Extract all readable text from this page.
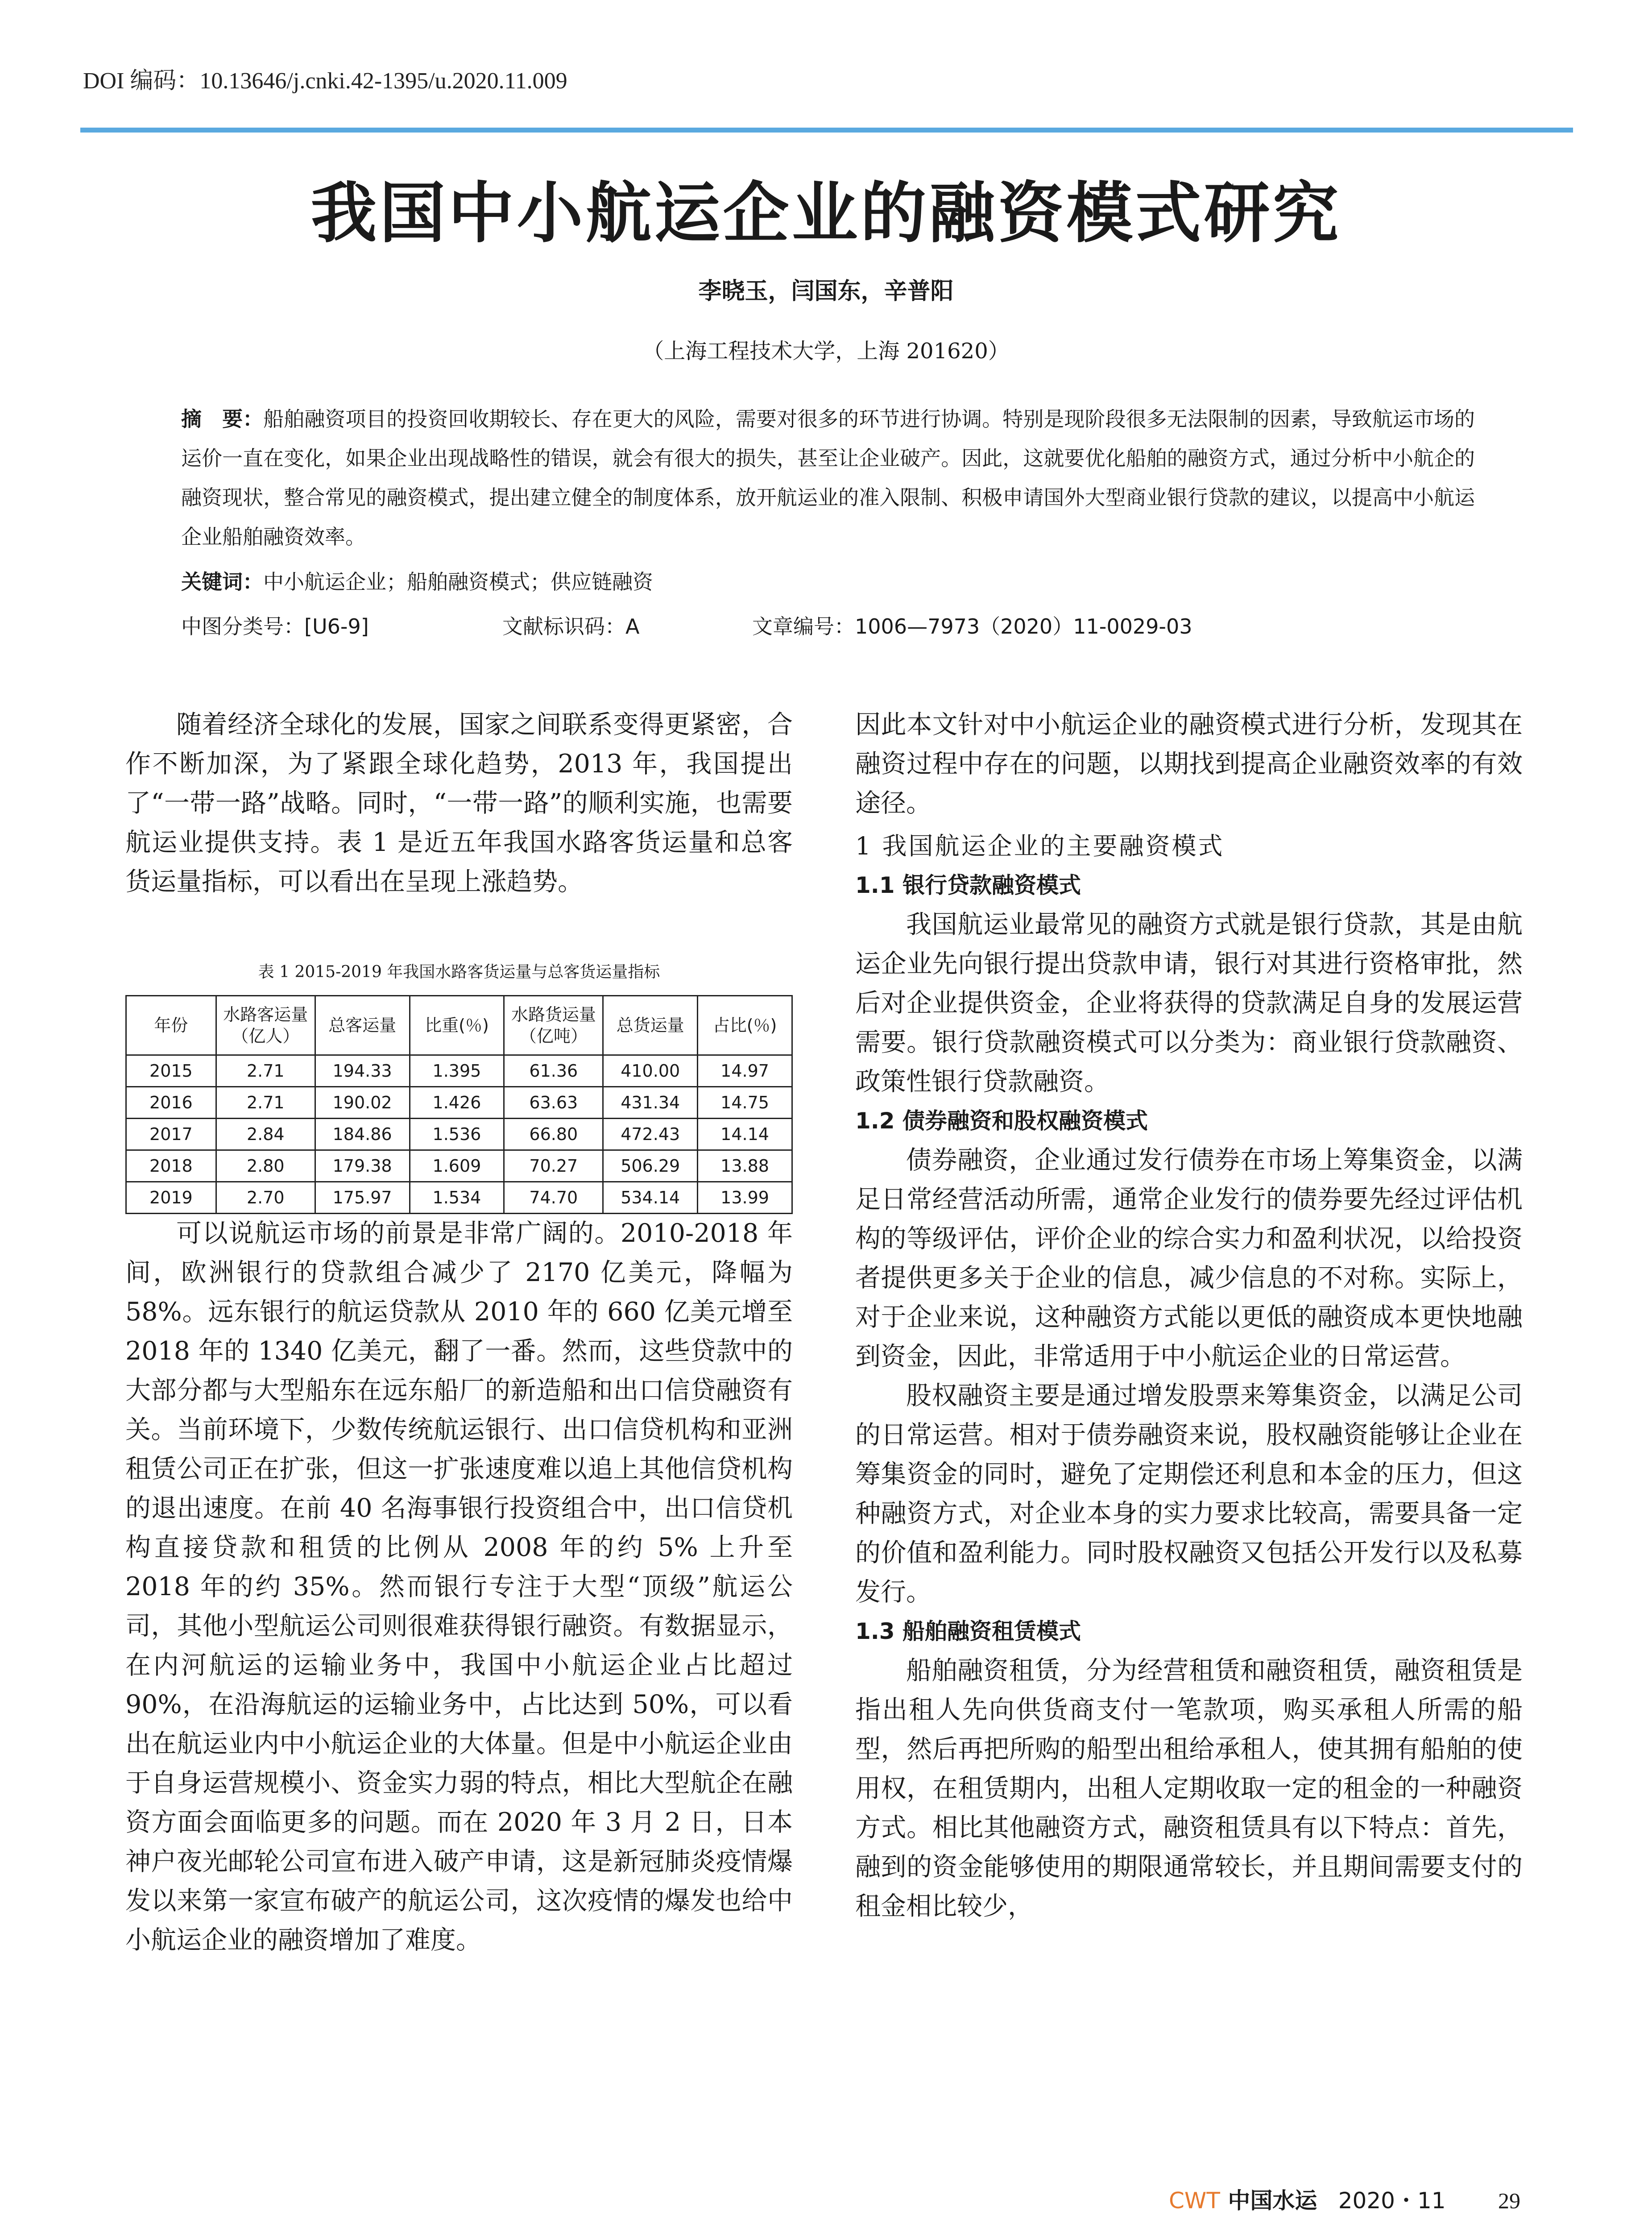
DOI 编码：10.13646/j.cnki.42-1395/u.2020.11.009
我国中小航运企业的融资模式研究
李晓玉，闫国东，辛普阳
（上海工程技术大学，上海 201620）
摘　要：船舶融资项目的投资回收期较长、存在更大的风险，需要对很多的环节进行协调。特别是现阶段很多无法限制的因素，导致航运市场的运价一直在变化，如果企业出现战略性的错误，就会有很大的损失，甚至让企业破产。因此，这就要优化船舶的融资方式，通过分析中小航企的融资现状，整合常见的融资模式，提出建立健全的制度体系，放开航运业的准入限制、积极申请国外大型商业银行贷款的建议，以提高中小航运企业船舶融资效率。
关键词：中小航运企业；船舶融资模式；供应链融资
中图分类号：[U6-9]	文献标识码：A	文章编号：1006—7973（2020）11-0029-03

随着经济全球化的发展，国家之间联系变得更紧密，合作不断加深，为了紧跟全球化趋势，2013 年，我国提出了“一带一路”战略。同时，“一带一路”的顺利实施，也需要航运业提供支持。表 1 是近五年我国水路客货运量和总客货运量指标，可以看出在呈现上涨趋势。

表 1 2015-2019 年我国水路客货运量与总客货运量指标
年份	水路客运量（亿人）	总客运量	比重(％)	水路货运量（亿吨）	总货运量	占比(％)
2015	2.71	194.33	1.395	61.36	410.00	14.97
2016	2.71	190.02	1.426	63.63	431.34	14.75
2017	2.84	184.86	1.536	66.80	472.43	14.14
2018	2.80	179.38	1.609	70.27	506.29	13.88
2019	2.70	175.97	1.534	74.70	534.14	13.99

可以说航运市场的前景是非常广阔的。2010-2018 年间，欧洲银行的贷款组合减少了 2170 亿美元，降幅为 58%。远东银行的航运贷款从 2010 年的 660 亿美元增至 2018 年的 1340 亿美元，翻了一番。然而，这些贷款中的大部分都与大型船东在远东船厂的新造船和出口信贷融资有关。当前环境下，少数传统航运银行、出口信贷机构和亚洲租赁公司正在扩张，但这一扩张速度难以追上其他信贷机构的退出速度。在前 40 名海事银行投资组合中，出口信贷机构直接贷款和租赁的比例从 2008 年的约 5% 上升至 2018 年的约 35%。然而银行专注于大型“顶级”航运公司，其他小型航运公司则很难获得银行融资。有数据显示，在内河航运的运输业务中，我国中小航运企业占比超过 90%，在沿海航运的运输业务中，占比达到 50%，可以看出在航运业内中小航运企业的大体量。但是中小航运企业由于自身运营规模小、资金实力弱的特点，相比大型航企在融资方面会面临更多的问题。而在 2020 年 3 月 2 日，日本神户夜光邮轮公司宣布进入破产申请，这是新冠肺炎疫情爆发以来第一家宣布破产的航运公司，这次疫情的爆发也给中小航运企业的融资增加了难度。

因此本文针对中小航运企业的融资模式进行分析，发现其在融资过程中存在的问题，以期找到提高企业融资效率的有效途径。

1 我国航运企业的主要融资模式
1.1 银行贷款融资模式

我国航运业最常见的融资方式就是银行贷款，其是由航运企业先向银行提出贷款申请，银行对其进行资格审批，然后对企业提供资金，企业将获得的贷款满足自身的发展运营需要。银行贷款融资模式可以分类为：商业银行贷款融资、政策性银行贷款融资。

1.2 债券融资和股权融资模式

债券融资，企业通过发行债券在市场上筹集资金，以满足日常经营活动所需，通常企业发行的债券要先经过评估机构的等级评估，评价企业的综合实力和盈利状况，以给投资者提供更多关于企业的信息，减少信息的不对称。实际上，对于企业来说，这种融资方式能以更低的融资成本更快地融到资金，因此，非常适用于中小航运企业的日常运营。

股权融资主要是通过增发股票来筹集资金，以满足公司的日常运营。相对于债券融资来说，股权融资能够让企业在筹集资金的同时，避免了定期偿还利息和本金的压力，但这种融资方式，对企业本身的实力要求比较高，需要具备一定的价值和盈利能力。同时股权融资又包括公开发行以及私募发行。

1.3 船舶融资租赁模式

船舶融资租赁，分为经营租赁和融资租赁，融资租赁是指出租人先向供货商支付一笔款项，购买承租人所需的船型，然后再把所购的船型出租给承租人，使其拥有船舶的使用权，在租赁期内，出租人定期收取一定的租金的一种融资方式。相比其他融资方式，融资租赁具有以下特点：首先，融到的资金能够使用的期限通常较长，并且期间需要支付的租金相比较少，

CWT 中国水运 2020・11 29
